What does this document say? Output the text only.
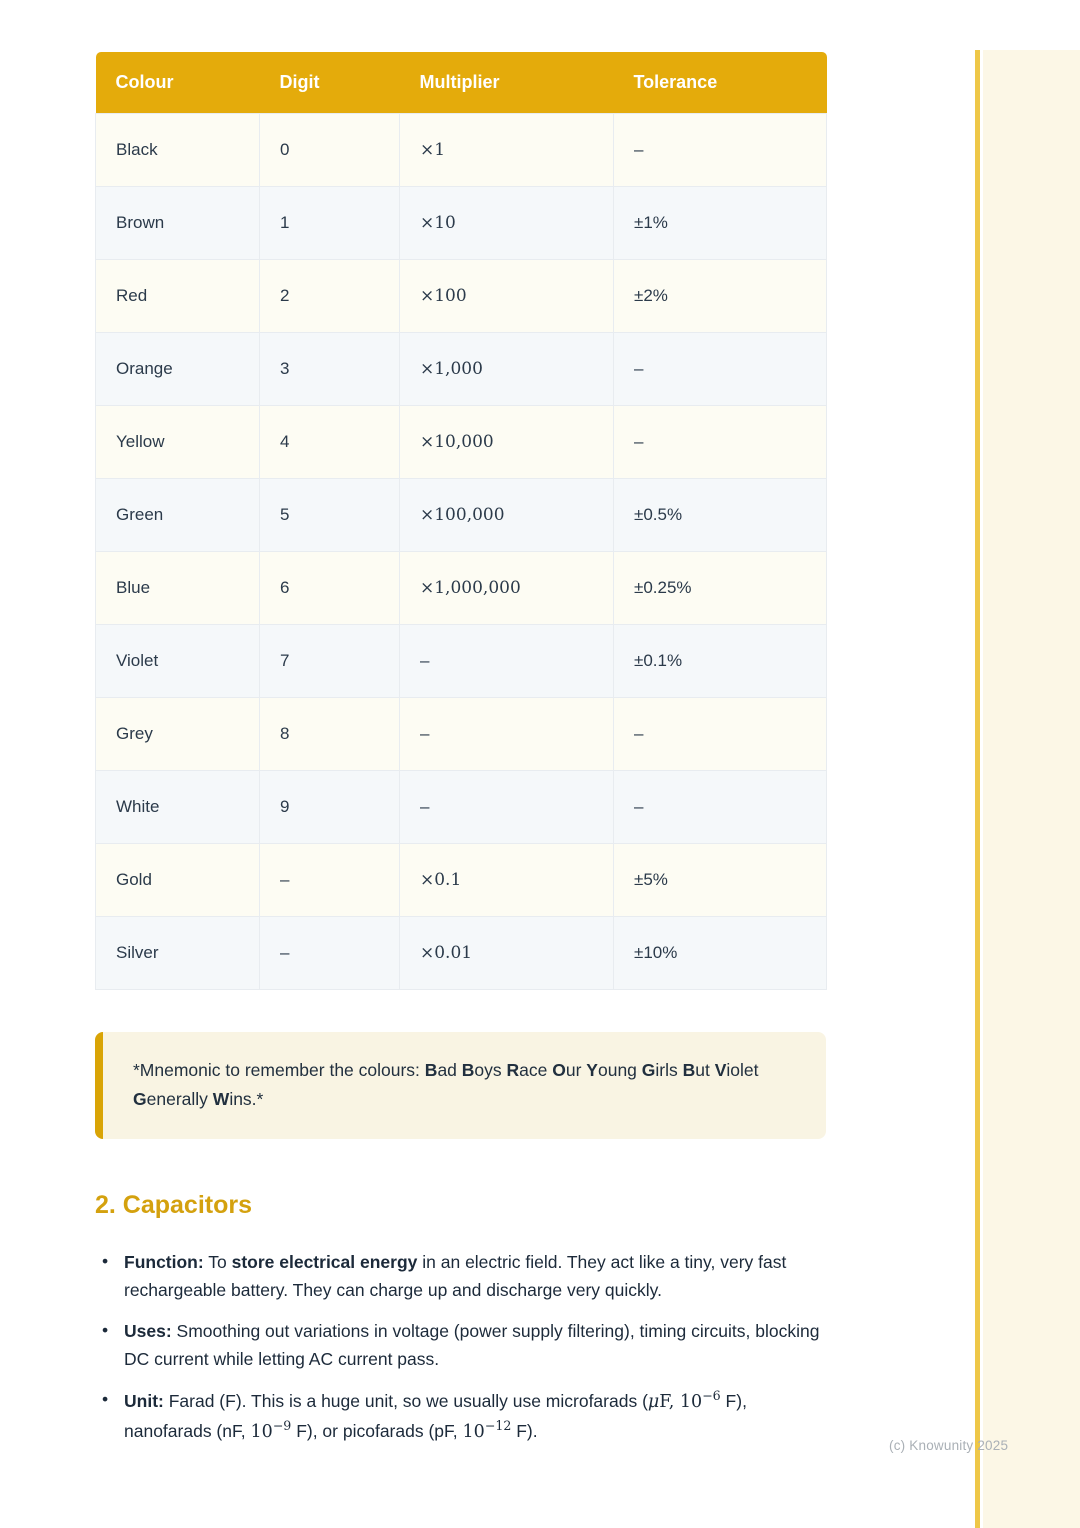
Colour	Digit	Multiplier	Tolerance
Black	0	×1	–
Brown	1	×10	±1%
Red	2	×100	±2%
Orange	3	×1,000	–
Yellow	4	×10,000	–
Green	5	×100,000	±0.5%
Blue	6	×1,000,000	±0.25%
Violet	7	–	±0.1%
Grey	8	–	–
White	9	–	–
Gold	–	×0.1	±5%
Silver	–	×0.01	±10%

*Mnemonic to remember the colours: Bad Boys Race Our Young Girls But Violet Generally Wins.*

2. Capacitors
• Function: To store electrical energy in an electric field. They act like a tiny, very fast rechargeable battery. They can charge up and discharge very quickly.
• Uses: Smoothing out variations in voltage (power supply filtering), timing circuits, blocking DC current while letting AC current pass.
• Unit: Farad (F). This is a huge unit, so we usually use microfarads (μF, $10^{-6}$ F), nanofarads (nF, $10^{-9}$ F), or picofarads (pF, $10^{-12}$ F).
(c) Knowunity 2025
